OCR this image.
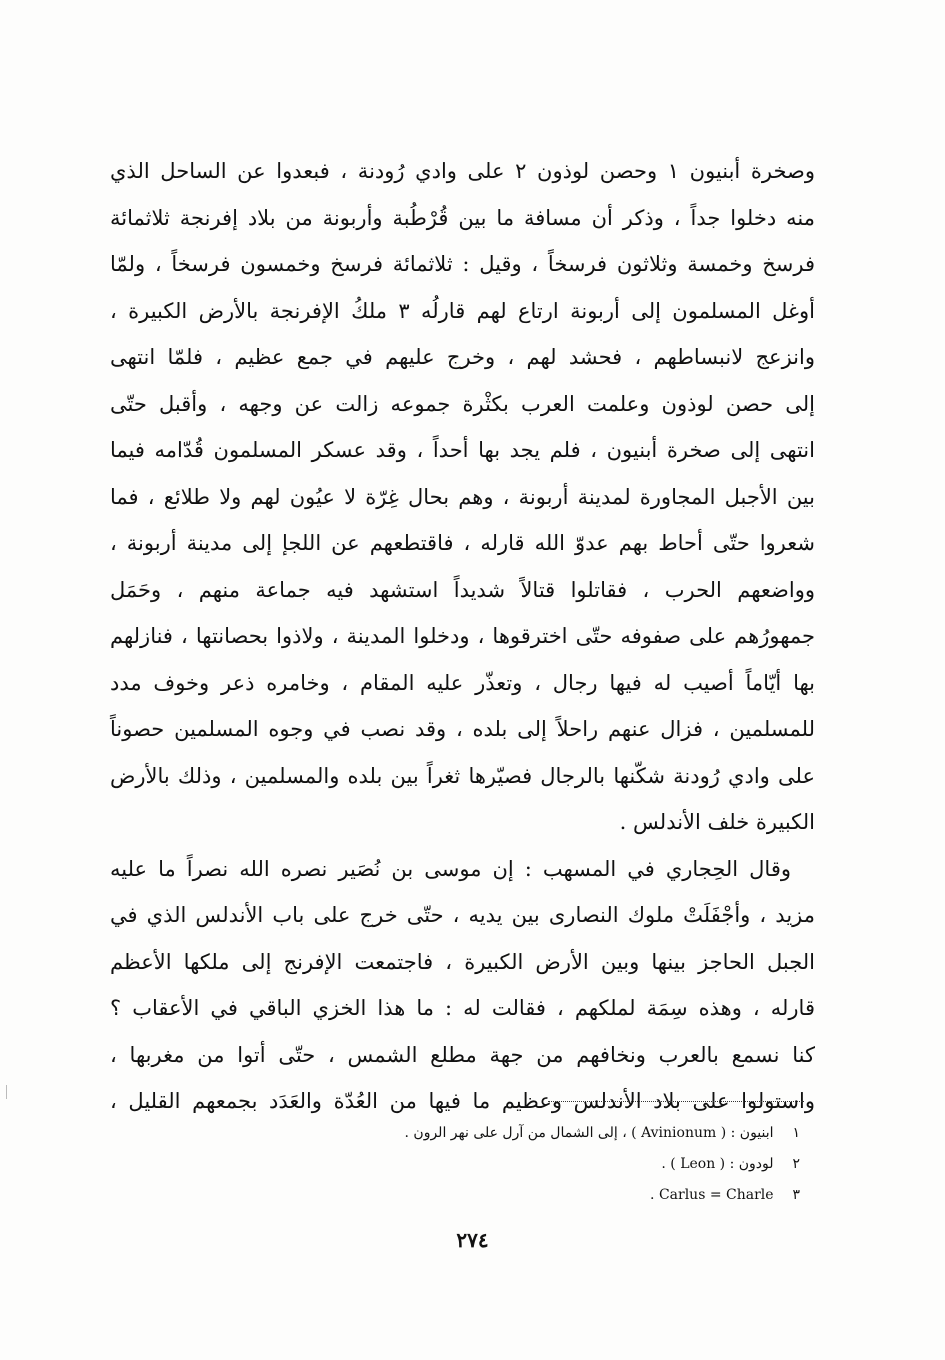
وصخرة أبنيون ١ وحصن لوذون ٢ على وادي رُودنة ، فبعدوا عن الساحل الذي
منه دخلوا جداً ، وذكر أن مسافة ما بين قُرْطُبة وأربونة من بلاد إفرنجة ثلاثمائة
فرسخ وخمسة وثلاثون فرسخاً ، وقيل : ثلاثمائة فرسخ وخمسون فرسخاً ، ولمّا
أوغل المسلمون إلى أربونة ارتاع لهم قارلُه ٣ ملكُ الإفرنجة بالأرض الكبيرة ،
وانزعج لانبساطهم ، فحشد لهم ، وخرج عليهم في جمع عظيم ، فلمّا انتهى
إلى حصن لوذون وعلمت العرب بكثْرة جموعه زالت عن وجهه ، وأقبل حتّى
انتهى إلى صخرة أبنيون ، فلم يجد بها أحداً ، وقد عسكر المسلمون قُدّامه فيما
بين الأجبل المجاورة لمدينة أربونة ، وهم بحال غِرّة لا عيُون لهم ولا طلائع ، فما
شعروا حتّى أحاط بهم عدوّ الله قارله ، فاقتطعهم عن اللجإ إلى مدينة أربونة ،
وواضعهم الحرب ، فقاتلوا قتالاً شديداً استشهد فيه جماعة منهم ، وحَمَل
جمهورُهم على صفوفه حتّى اخترقوها ، ودخلوا المدينة ، ولاذوا بحصانتها ، فنازلهم
بها أيّاماً أصيب له فيها رجال ، وتعذّر عليه المقام ، وخامره ذعر وخوف مدد
للمسلمين ، فزال عنهم راحلاً إلى بلده ، وقد نصب في وجوه المسلمين حصوناً
على وادي رُودنة شكّنها بالرجال فصيّرها ثغراً بين بلده والمسلمين ، وذلك بالأرض
الكبيرة خلف الأندلس .
وقال الحِجاري في المسهب : إن موسى بن نُصَير نصره الله نصراً ما عليه
مزيد ، وأجْفَلَتْ ملوك النصارى بين يديه ، حتّى خرج على باب الأندلس الذي في
الجبل الحاجز بينها وبين الأرض الكبيرة ، فاجتمعت الإفرنج إلى ملكها الأعظم
قارله ، وهذه سِمَة لملكهم ، فقالت له : ما هذا الخزي الباقي في الأعقاب ؟
كنا نسمع بالعرب ونخافهم من جهة مطلع الشمس ، حتّى أتوا من مغربها ،
واستولوا على بلاد الأندلس وعظيم ما فيها من العُدّة والعَدَد بجمعهم القليل ،
١ ابنيون : ( Avinionum ) ، إلى الشمال من آرل على نهر الرون .
٢ لودون : ( Leon ) .
٣ Carlus = Charle .
٢٧٤
